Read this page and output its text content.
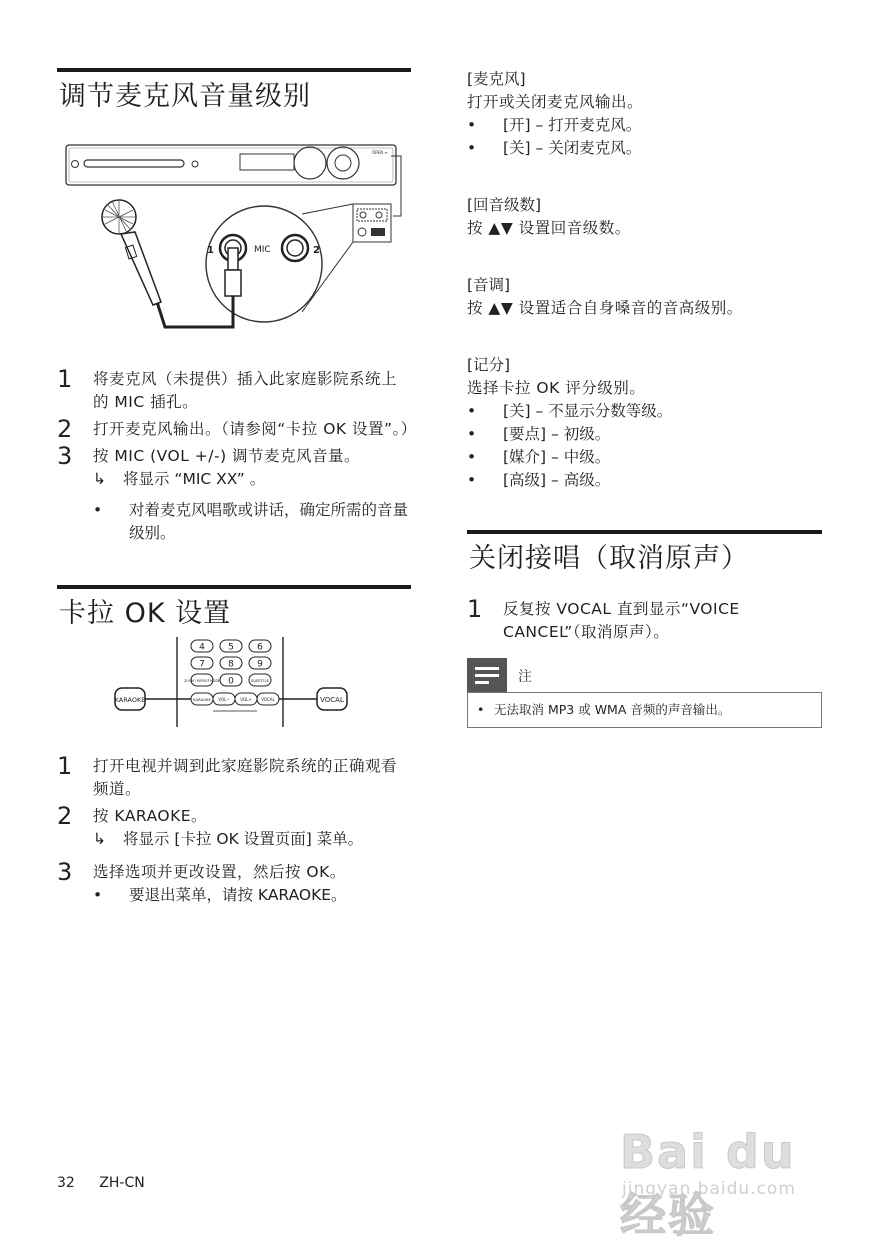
调节麦克风音量级别
OPEN ≡
1	MIC	2
1 将麦克风（未提供）插入此家庭影院系统上的 MIC 插孔。
2 打开麦克风输出。（请参阅“卡拉 OK 设置”。）
3 按 MIC (VOL +/-) 调节麦克风音量。
↳ 将显示 “MIC XX” 。
• 对着麦克风唱歌或讲话，确定所需的音量级别。
卡拉 OK 设置
4	5	6
7	8	9
ZOOM / REPEAT MODE 0	SUBTITLE
KARAOKE VOL−	VOL+ VOCAL
KARAOKE	VOCAL
1 打开电视并调到此家庭影院系统的正确观看频道。
2 按 KARAOKE。
↳ 将显示 [卡拉 OK 设置页面] 菜单。
3 选择选项并更改设置，然后按 OK。
• 要退出菜单，请按 KARAOKE。
[麦克风]
打开或关闭麦克风输出。
• [开] – 打开麦克风。
• [关] – 关闭麦克风。
[回音级数]
按 ▲▼ 设置回音级数。
[音调]
按 ▲▼ 设置适合自身嗓音的音高级别。
[记分]
选择卡拉 OK 评分级别。
• [关] – 不显示分数等级。
• [要点] – 初级。
• [媒介] – 中级。
• [高级] – 高级。
关闭接唱（取消原声）
1 反复按 VOCAL 直到显示“VOICE CANCEL”（取消原声）。
注
• 无法取消 MP3 或 WMA 音频的声音输出。
32 ZH-CN
Bai du 经验
jingyan.baidu.com
